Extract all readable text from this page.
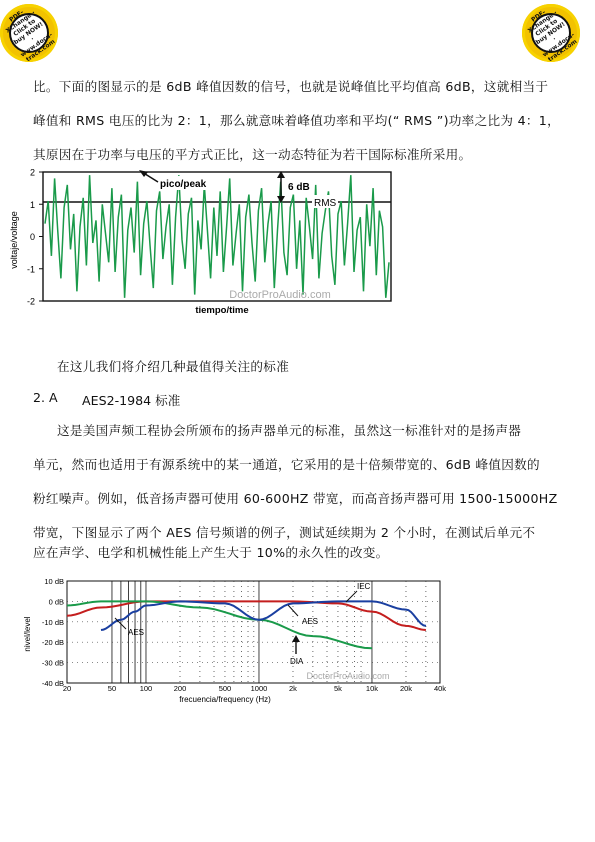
PDF-XChange · Click to buy NOW! · www.docu-track.com
PDF-XChange · Click to buy NOW! · www.docu-track.com

比。下面的图显示的是 6dB 峰值因数的信号，也就是说峰值比平均值高 6dB，这就相当于

峰值和 RMS 电压的比为 2：1，那么就意味着峰值功率和平均(“ RMS ”)功率之比为 4：1，

其原因在于功率与电压的平方式正比，这一动态特征为若干国际标准所采用。

2
1
0
-1
-2
voltaje/voltage
tiempo/time
DoctorProAudio.com
pico/peak	6 dB
RMS

在这儿我们将介绍几种最值得关注的标准

2. A AES2-1984 标准

这是美国声频工程协会所颁布的扬声器单元的标准，虽然这一标准针对的是扬声器

单元，然而也适用于有源系统中的某一通道，它采用的是十倍频带宽的、6dB 峰值因数的

粉红噪声。例如，低音扬声器可使用 60-600HZ 带宽，而高音扬声器可用 1500-15000HZ

带宽，下图显示了两个 AES 信号频谱的例子，测试延续期为 2 个小时，在测试后单元不

应在声学、电学和机械性能上产生大于 10%的永久性的改变。

10 dB
0 dB
-10 dB
-20 dB
-30 dB
-40 dB
20	50	100	200	500	1000	2k	5k	10k	20k	40k
nivel/level
frecuencia/frequency (Hz)
DoctorProAudio.com
AES
AES
IEC
DIA
